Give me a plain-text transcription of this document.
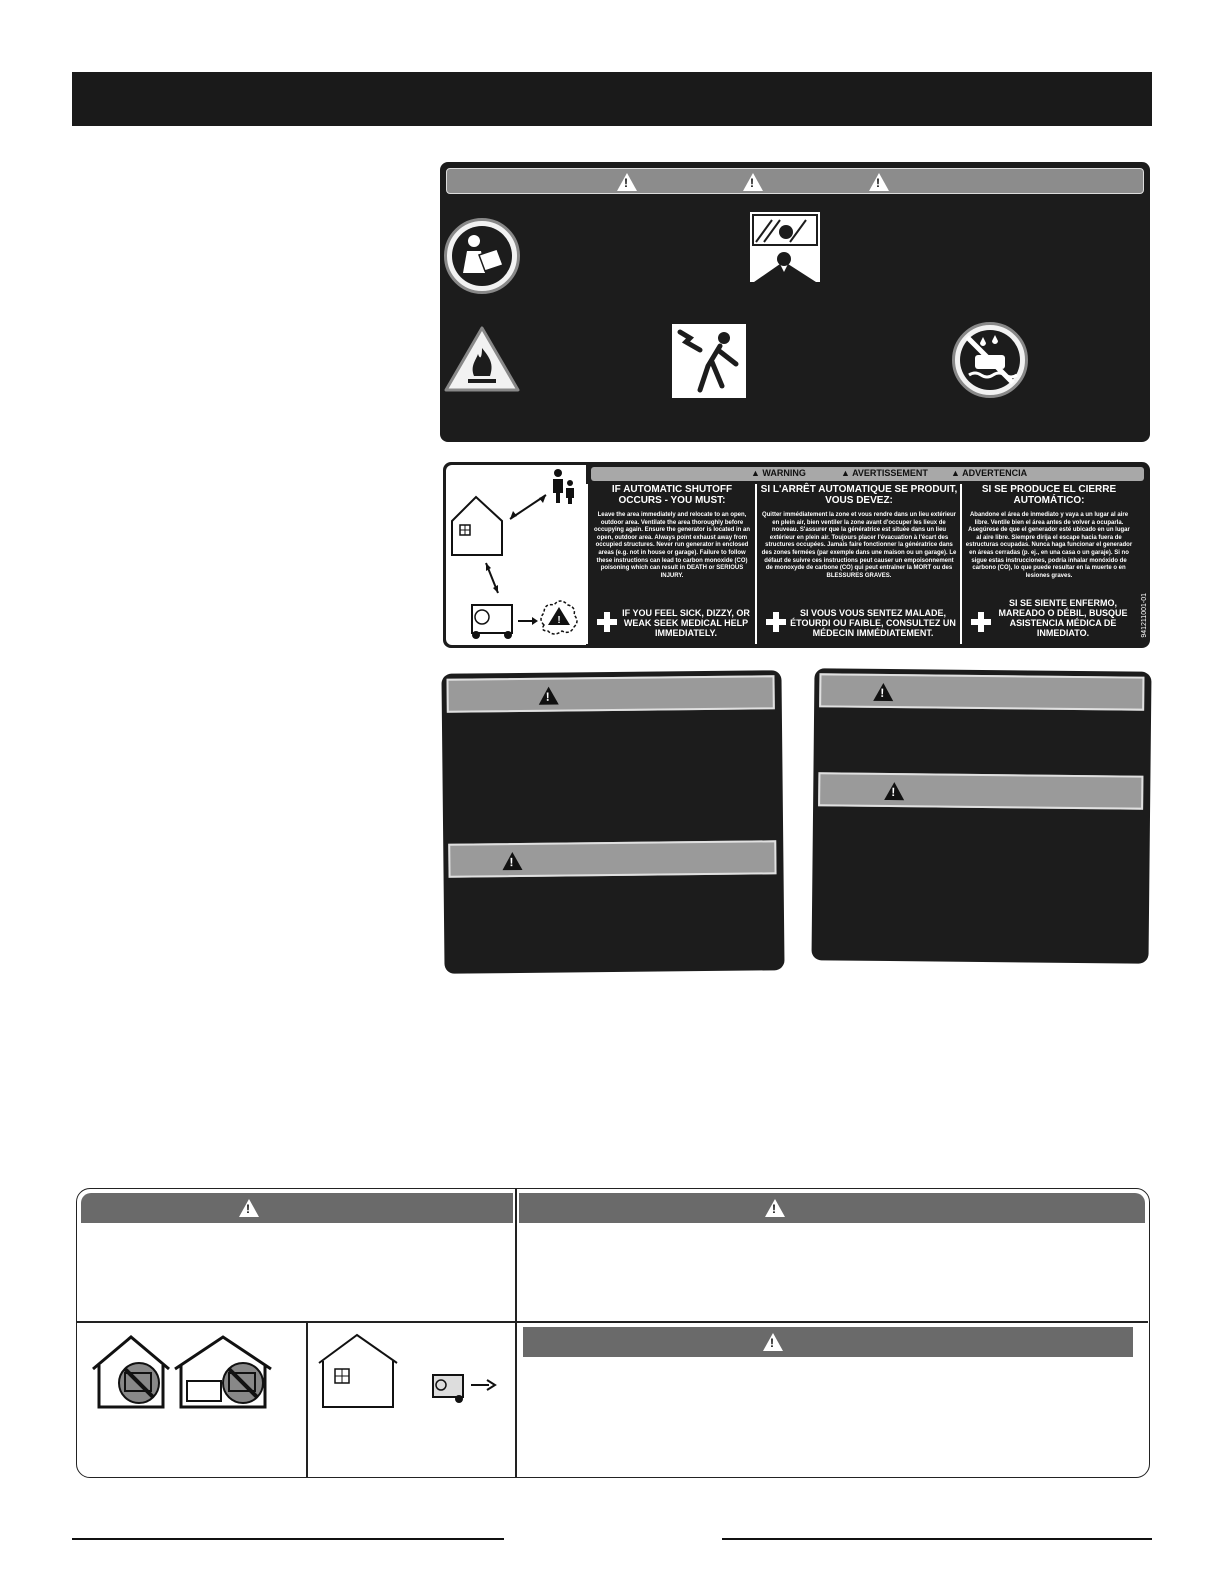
!
!
!
!
▲ WARNING	▲ AVERTISSEMENT	▲ ADVERTENCIA
IF AUTOMATIC SHUTOFF OCCURS - YOU MUST:
Leave the area immediately and relocate to an open, outdoor area. Ventilate the area thoroughly before occupying again. Ensure the generator is located in an open, outdoor area. Always point exhaust away from occupied structures. Never run generator in enclosed areas (e.g. not in house or garage). Failure to follow these instructions can lead to carbon monoxide (CO) poisoning which can result in DEATH or SERIOUS INJURY.
IF YOU FEEL SICK, DIZZY, OR WEAK SEEK MEDICAL HELP IMMEDIATELY.
SI L'ARRÊT AUTOMATIQUE SE PRODUIT, VOUS DEVEZ:
Quitter immédiatement la zone et vous rendre dans un lieu extérieur en plein air, bien ventiler la zone avant d'occuper les lieux de nouveau. S'assurer que la génératrice est située dans un lieu extérieur en plein air. Toujours placer l'évacuation à l'écart des structures occupées. Jamais faire fonctionner la génératrice dans des zones fermées (par exemple dans une maison ou un garage). Le défaut de suivre ces instructions peut causer un empoisonnement de monoxyde de carbone (CO) qui peut entraîner la MORT ou des BLESSURES GRAVES.
SI VOUS VOUS SENTEZ MALADE, ÉTOURDI OU FAIBLE, CONSULTEZ UN MÉDECIN IMMÉDIATEMENT.
SI SE PRODUCE EL CIERRE AUTOMÁTICO:
Abandone el área de inmediato y vaya a un lugar al aire libre. Ventile bien el área antes de volver a ocuparla. Asegúrese de que el generador esté ubicado en un lugar al aire libre. Siempre dirija el escape hacia fuera de estructuras ocupadas. Nunca haga funcionar el generador en áreas cerradas (p. ej., en una casa o un garaje). Si no sigue estas instrucciones, podría inhalar monóxido de carbono (CO), lo que puede resultar en la muerte o en lesiones graves.
SI SE SIENTE ENFERMO, MAREADO O DÉBIL, BUSQUE ASISTENCIA MÉDICA DE INMEDIATO.	941211001-01
!
!
!
!
!
!
!
